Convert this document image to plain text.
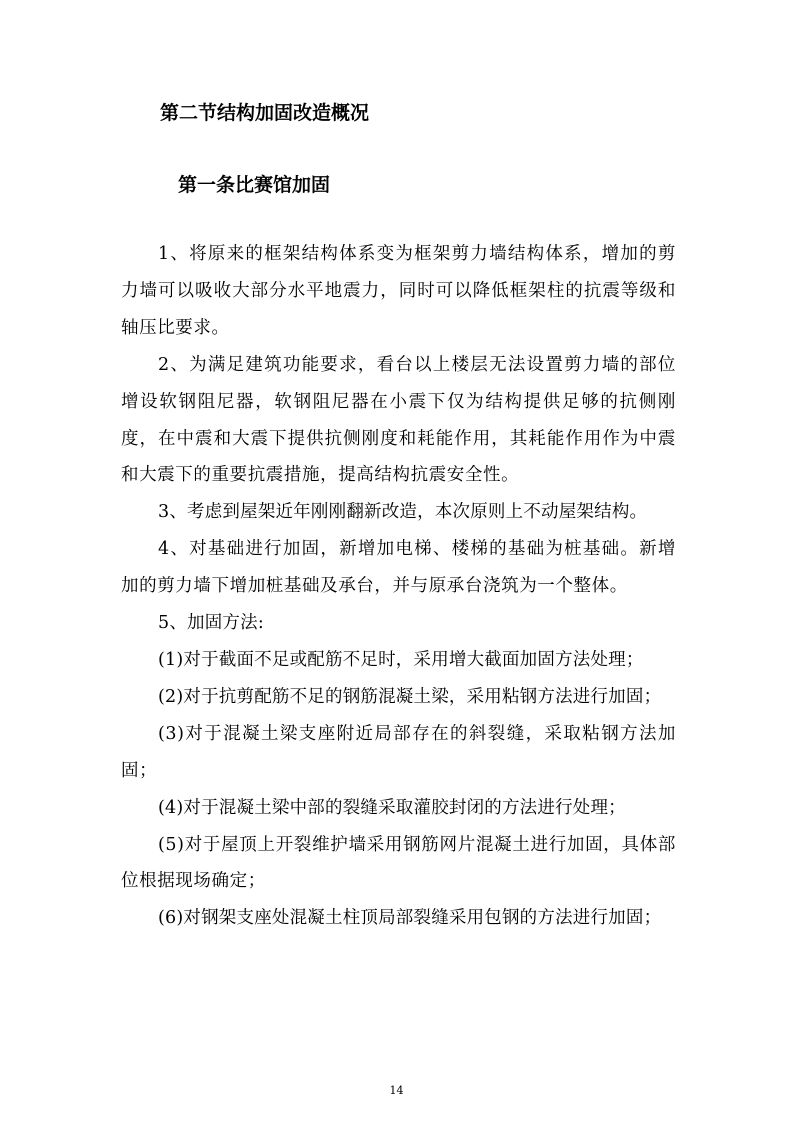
第二节结构加固改造概况
第一条比赛馆加固

1、将原来的框架结构体系变为框架剪力墙结构体系，增加的剪力墙可以吸收大部分水平地震力，同时可以降低框架柱的抗震等级和轴压比要求。

2、为满足建筑功能要求，看台以上楼层无法设置剪力墙的部位增设软钢阻尼器，软钢阻尼器在小震下仅为结构提供足够的抗侧刚度，在中震和大震下提供抗侧刚度和耗能作用，其耗能作用作为中震和大震下的重要抗震措施，提高结构抗震安全性。

3、考虑到屋架近年刚刚翻新改造，本次原则上不动屋架结构。

4、对基础进行加固，新增加电梯、楼梯的基础为桩基础。新增加的剪力墙下增加桩基础及承台，并与原承台浇筑为一个整体。

5、加固方法:

(1)对于截面不足或配筋不足时，采用增大截面加固方法处理；

(2)对于抗剪配筋不足的钢筋混凝土梁，采用粘钢方法进行加固；

(3)对于混凝土梁支座附近局部存在的斜裂缝，采取粘钢方法加固；

(4)对于混凝土梁中部的裂缝采取灌胶封闭的方法进行处理；

(5)对于屋顶上开裂维护墙采用钢筋网片混凝土进行加固，具体部位根据现场确定；

(6)对钢架支座处混凝土柱顶局部裂缝采用包钢的方法进行加固；

14
